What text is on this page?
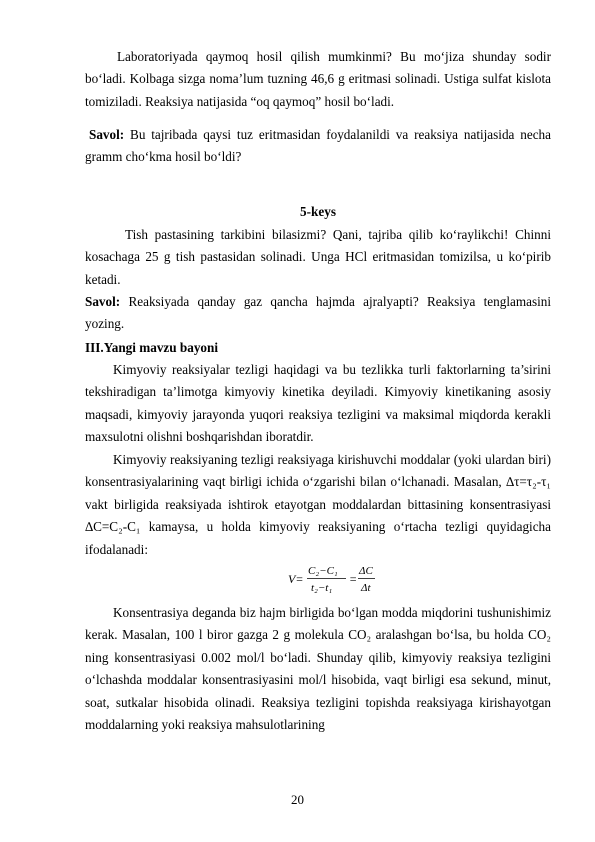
Laboratoriyada qaymoq hosil qilish mumkinmi? Bu mo‘jiza shunday sodir bo‘ladi. Kolbaga sizga noma’lum tuzning 46,6 g eritmasi solinadi. Ustiga sulfat kislota tomiziladi. Reaksiya natijasida “oq qaymoq” hosil bo‘ladi.

Savol: Bu tajribada qaysi tuz eritmasidan foydalanildi va reaksiya natijasida necha gramm cho‘kma hosil bo‘ldi?

5-keys

Tish pastasining tarkibini bilasizmi? Qani, tajriba qilib ko‘raylikchi! Chinni kosachaga 25 g tish pastasidan solinadi. Unga HCl eritmasidan tomizilsa, u ko‘pirib ketadi.

Savol: Reaksiyada qanday gaz qancha hajmda ajralyapti? Reaksiya tenglamasini yozing.

III.Yangi mavzu bayoni

Kimyoviy reaksiyalar tezligi haqidagi va bu tezlikka turli faktorlarning ta’sirini tekshiradigan ta’limotga kimyoviy kinetika deyiladi. Kimyoviy kinetikaning asosiy maqsadi, kimyoviy jarayonda yuqori reaksiya tezligini va maksimal miqdorda kerakli maxsulotni olishni boshqarishdan iboratdir.

Kimyoviy reaksiyaning tezligi reaksiyaga kirishuvchi moddalar (yoki ulardan biri) konsentrasiyalarining vaqt birligi ichida o‘zgarishi bilan o‘lchanadi. Masalan, ∆τ=τ₂-τ₁ vakt birligida reaksiyada ishtirok etayotgan moddalardan bittasining konsentrasiyasi ∆C=C₂-C₁ kamaysa, u holda kimyoviy reaksiyaning o‘rtacha tezligi quyidagicha ifodalanadi:

V=
C₂−C₁
t₂−t₁
=
ΔC
Δt

Konsentrasiya deganda biz hajm birligida bo‘lgan modda miqdorini tushunishimiz kerak. Masalan, 100 l biror gazga 2 g molekula CO₂ aralashgan bo‘lsa, bu holda CO₂ ning konsentrasiyasi 0.002 mol/l bo‘ladi. Shunday qilib, kimyoviy reaksiya tezligini o‘lchashda moddalar konsentrasiyasini mol/l hisobida, vaqt birligi esa sekund, minut, soat, sutkalar hisobida olinadi. Reaksiya tezligini topishda reaksiyaga kirishayotgan moddalarning yoki reaksiya mahsulotlarining

20
